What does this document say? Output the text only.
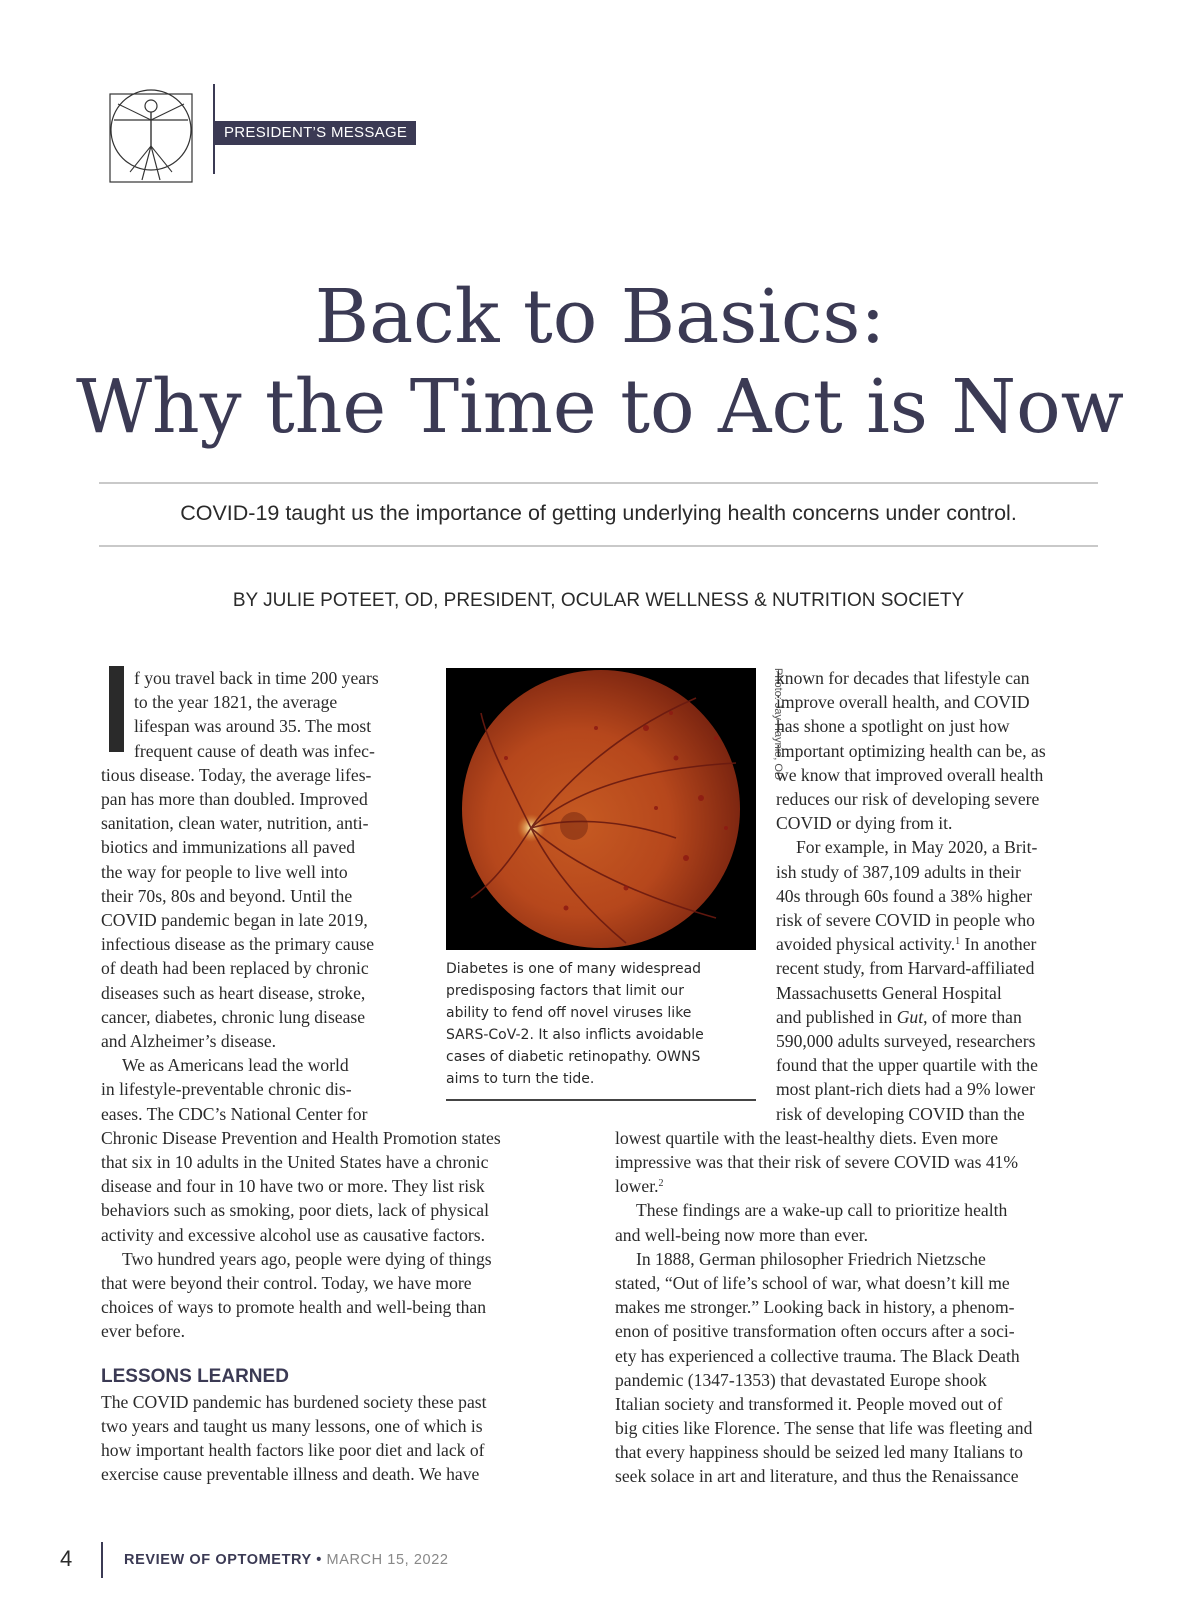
PRESIDENT’S MESSAGE
Back to Basics:
Why the Time to Act is Now
COVID-19 taught us the importance of getting underlying health concerns under control.
BY JULIE POTEET, OD, PRESIDENT, OCULAR WELLNESS & NUTRITION SOCIETY
f you travel back in time 200 years
to the year 1821, the average
lifespan was around 35. The most
frequent cause of death was infec-
tious disease. Today, the average lifes-
pan has more than doubled. Improved
sanitation, clean water, nutrition, anti-
biotics and immunizations all paved
the way for people to live well into
their 70s, 80s and beyond. Until the
COVID pandemic began in late 2019,
infectious disease as the primary cause
of death had been replaced by chronic
diseases such as heart disease, stroke,
cancer, diabetes, chronic lung disease
and Alzheimer’s disease.
We as Americans lead the world
in lifestyle-preventable chronic dis-
eases. The CDC’s National Center for
Chronic Disease Prevention and Health Promotion states
that six in 10 adults in the United States have a chronic
disease and four in 10 have two or more. They list risk
behaviors such as smoking, poor diets, lack of physical
activity and excessive alcohol use as causative factors.
Two hundred years ago, people were dying of things
that were beyond their control. Today, we have more
choices of ways to promote health and well-being than
ever before.
LESSONS LEARNED
The COVID pandemic has burdened society these past
two years and taught us many lessons, one of which is
how important health factors like poor diet and lack of
exercise cause preventable illness and death. We have
Photo: Jay Haynie, OD
Diabetes is one of many widespread
predisposing factors that limit our
ability to fend off novel viruses like
SARS-CoV-2. It also inflicts avoidable
cases of diabetic retinopathy. OWNS
aims to turn the tide.
known for decades that lifestyle can
improve overall health, and COVID
has shone a spotlight on just how
important optimizing health can be, as
we know that improved overall health
reduces our risk of developing severe
COVID or dying from it.
For example, in May 2020, a Brit-
ish study of 387,109 adults in their
40s through 60s found a 38% higher
risk of severe COVID in people who
avoided physical activity.$^1$ In another
recent study, from Harvard-affiliated
Massachusetts General Hospital
and published in Gut, of more than
590,000 adults surveyed, researchers
found that the upper quartile with the
most plant-rich diets had a 9% lower
risk of developing COVID than the
lowest quartile with the least-healthy diets. Even more
impressive was that their risk of severe COVID was 41%
lower.$^2$
These findings are a wake-up call to prioritize health
and well-being now more than ever.
In 1888, German philosopher Friedrich Nietzsche
stated, “Out of life’s school of war, what doesn’t kill me
makes me stronger.” Looking back in history, a phenom-
enon of positive transformation often occurs after a soci-
ety has experienced a collective trauma. The Black Death
pandemic (1347-1353) that devastated Europe shook
Italian society and transformed it. People moved out of
big cities like Florence. The sense that life was fleeting and
that every happiness should be seized led many Italians to
seek solace in art and literature, and thus the Renaissance
4	REVIEW OF OPTOMETRY • MARCH 15, 2022
